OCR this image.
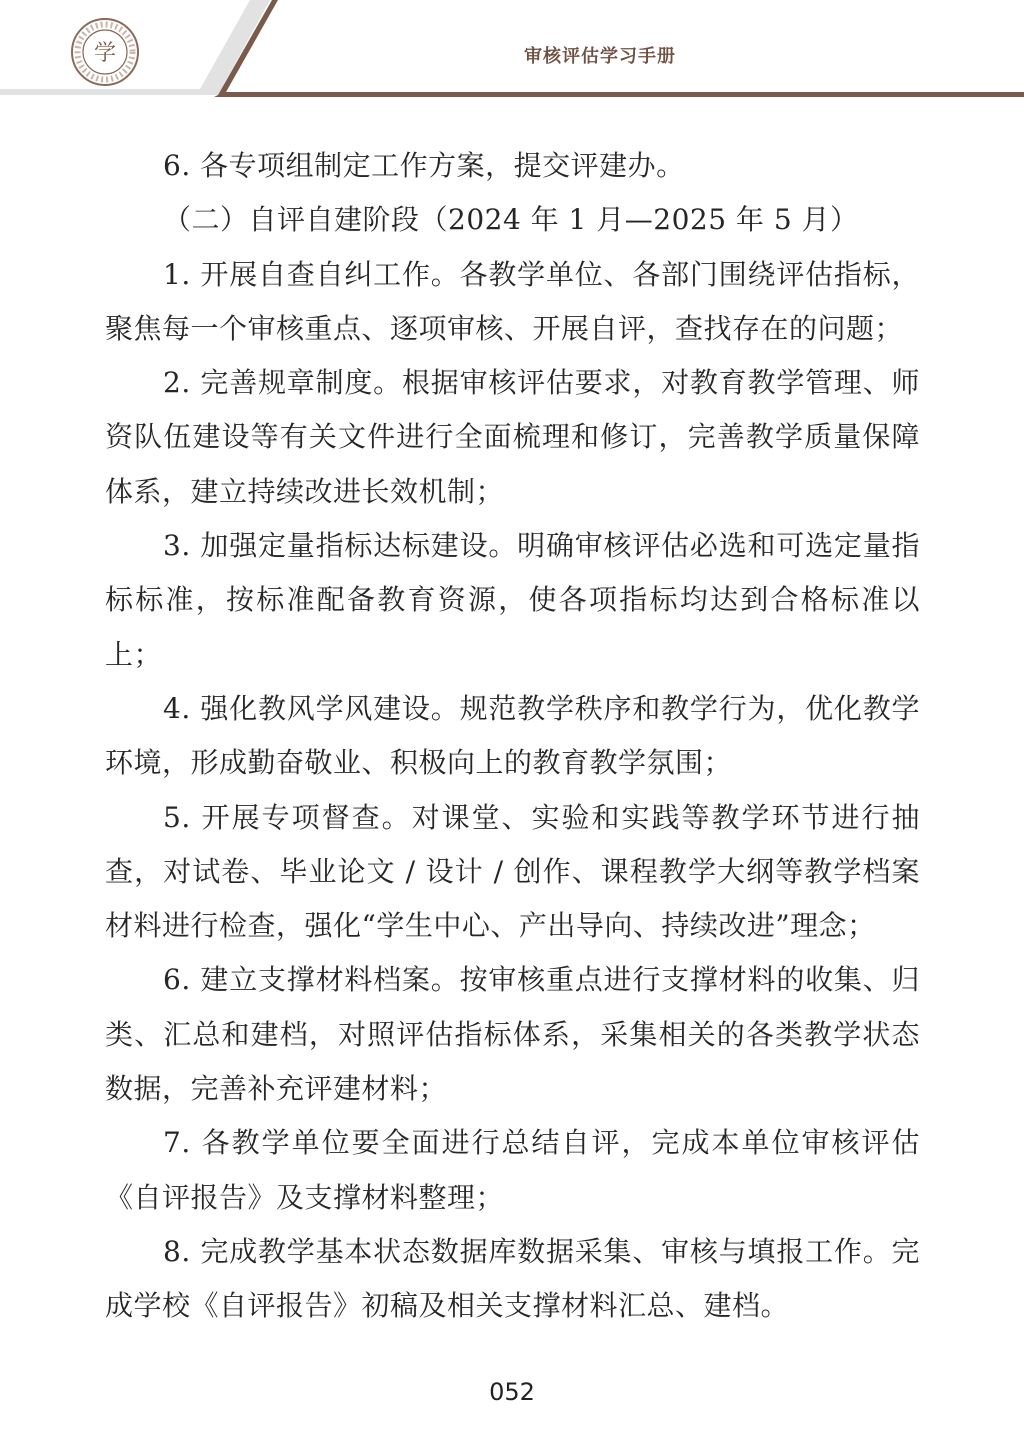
学	审核评估学习手册

6. 各专项组制定工作方案，提交评建办。

（二）自评自建阶段（2024 年 1 月—2025 年 5 月）

1. 开展自查自纠工作。各教学单位、各部门围绕评估指标，聚焦每一个审核重点、逐项审核、开展自评，查找存在的问题；

2. 完善规章制度。根据审核评估要求，对教育教学管理、师资队伍建设等有关文件进行全面梳理和修订，完善教学质量保障体系，建立持续改进长效机制；

3. 加强定量指标达标建设。明确审核评估必选和可选定量指标标准，按标准配备教育资源，使各项指标均达到合格标准以上；

4. 强化教风学风建设。规范教学秩序和教学行为，优化教学环境，形成勤奋敬业、积极向上的教育教学氛围；

5. 开展专项督查。对课堂、实验和实践等教学环节进行抽查，对试卷、毕业论文 / 设计 / 创作、课程教学大纲等教学档案材料进行检查，强化“学生中心、产出导向、持续改进”理念；

6. 建立支撑材料档案。按审核重点进行支撑材料的收集、归类、汇总和建档，对照评估指标体系，采集相关的各类教学状态数据，完善补充评建材料；

7. 各教学单位要全面进行总结自评，完成本单位审核评估《自评报告》及支撑材料整理；

8. 完成教学基本状态数据库数据采集、审核与填报工作。完成学校《自评报告》初稿及相关支撑材料汇总、建档。

052
